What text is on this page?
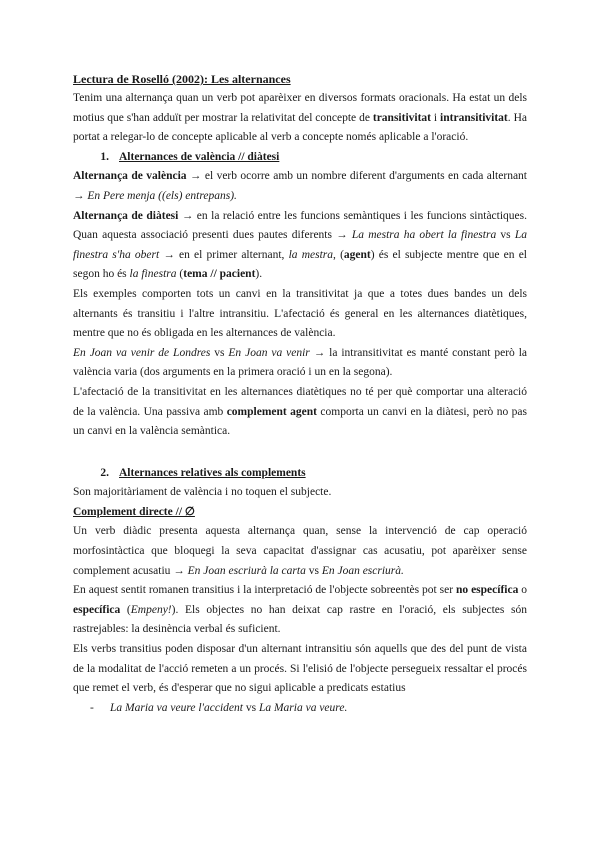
Lectura de Roselló (2002): Les alternances

Tenim una alternança quan un verb pot aparèixer en diversos formats oracionals. Ha estat un dels motius que s'han adduït per mostrar la relativitat del concepte de transitivitat i intransitivitat. Ha portat a relegar-lo de concepte aplicable al verb a concepte només aplicable a l'oració.

1. Alternances de valència // diàtesi

Alternança de valència → el verb ocorre amb un nombre diferent d'arguments en cada alternant → En Pere menja ((els) entrepans).

Alternança de diàtesi → en la relació entre les funcions semàntiques i les funcions sintàctiques. Quan aquesta associació presenti dues pautes diferents → La mestra ha obert la finestra vs La finestra s'ha obert → en el primer alternant, la mestra, (agent) és el subjecte mentre que en el segon ho és la finestra (tema // pacient).

Els exemples comporten tots un canvi en la transitivitat ja que a totes dues bandes un dels alternants és transitiu i l'altre intransitiu. L'afectació és general en les alternances diatètiques, mentre que no és obligada en les alternances de valència.

En Joan va venir de Londres vs En Joan va venir → la intransitivitat es manté constant però la valència varia (dos arguments en la primera oració i un en la segona).

L'afectació de la transitivitat en les alternances diatètiques no té per què comportar una alteració de la valència. Una passiva amb complement agent comporta un canvi en la diàtesi, però no pas un canvi en la valència semàntica.

2. Alternances relatives als complements

Son majoritàriament de valència i no toquen el subjecte.

Complement directe // ∅

Un verb diàdic presenta aquesta alternança quan, sense la intervenció de cap operació morfosintàctica que bloquegi la seva capacitat d'assignar cas acusatiu, pot aparèixer sense complement acusatiu → En Joan escriurà la carta vs En Joan escriurà.

En aquest sentit romanen transitius i la interpretació de l'objecte sobreentès pot ser no específica o específica (Empeny!). Els objectes no han deixat cap rastre en l'oració, els subjectes són rastrejables: la desinència verbal és suficient.

Els verbs transitius poden disposar d'un alternant intransitiu són aquells que des del punt de vista de la modalitat de l'acció remeten a un procés. Si l'elisió de l'objecte persegueix ressaltar el procés que remet el verb, és d'esperar que no sigui aplicable a predicats estatius

-	La Maria va veure l'accident vs La Maria va veure.
